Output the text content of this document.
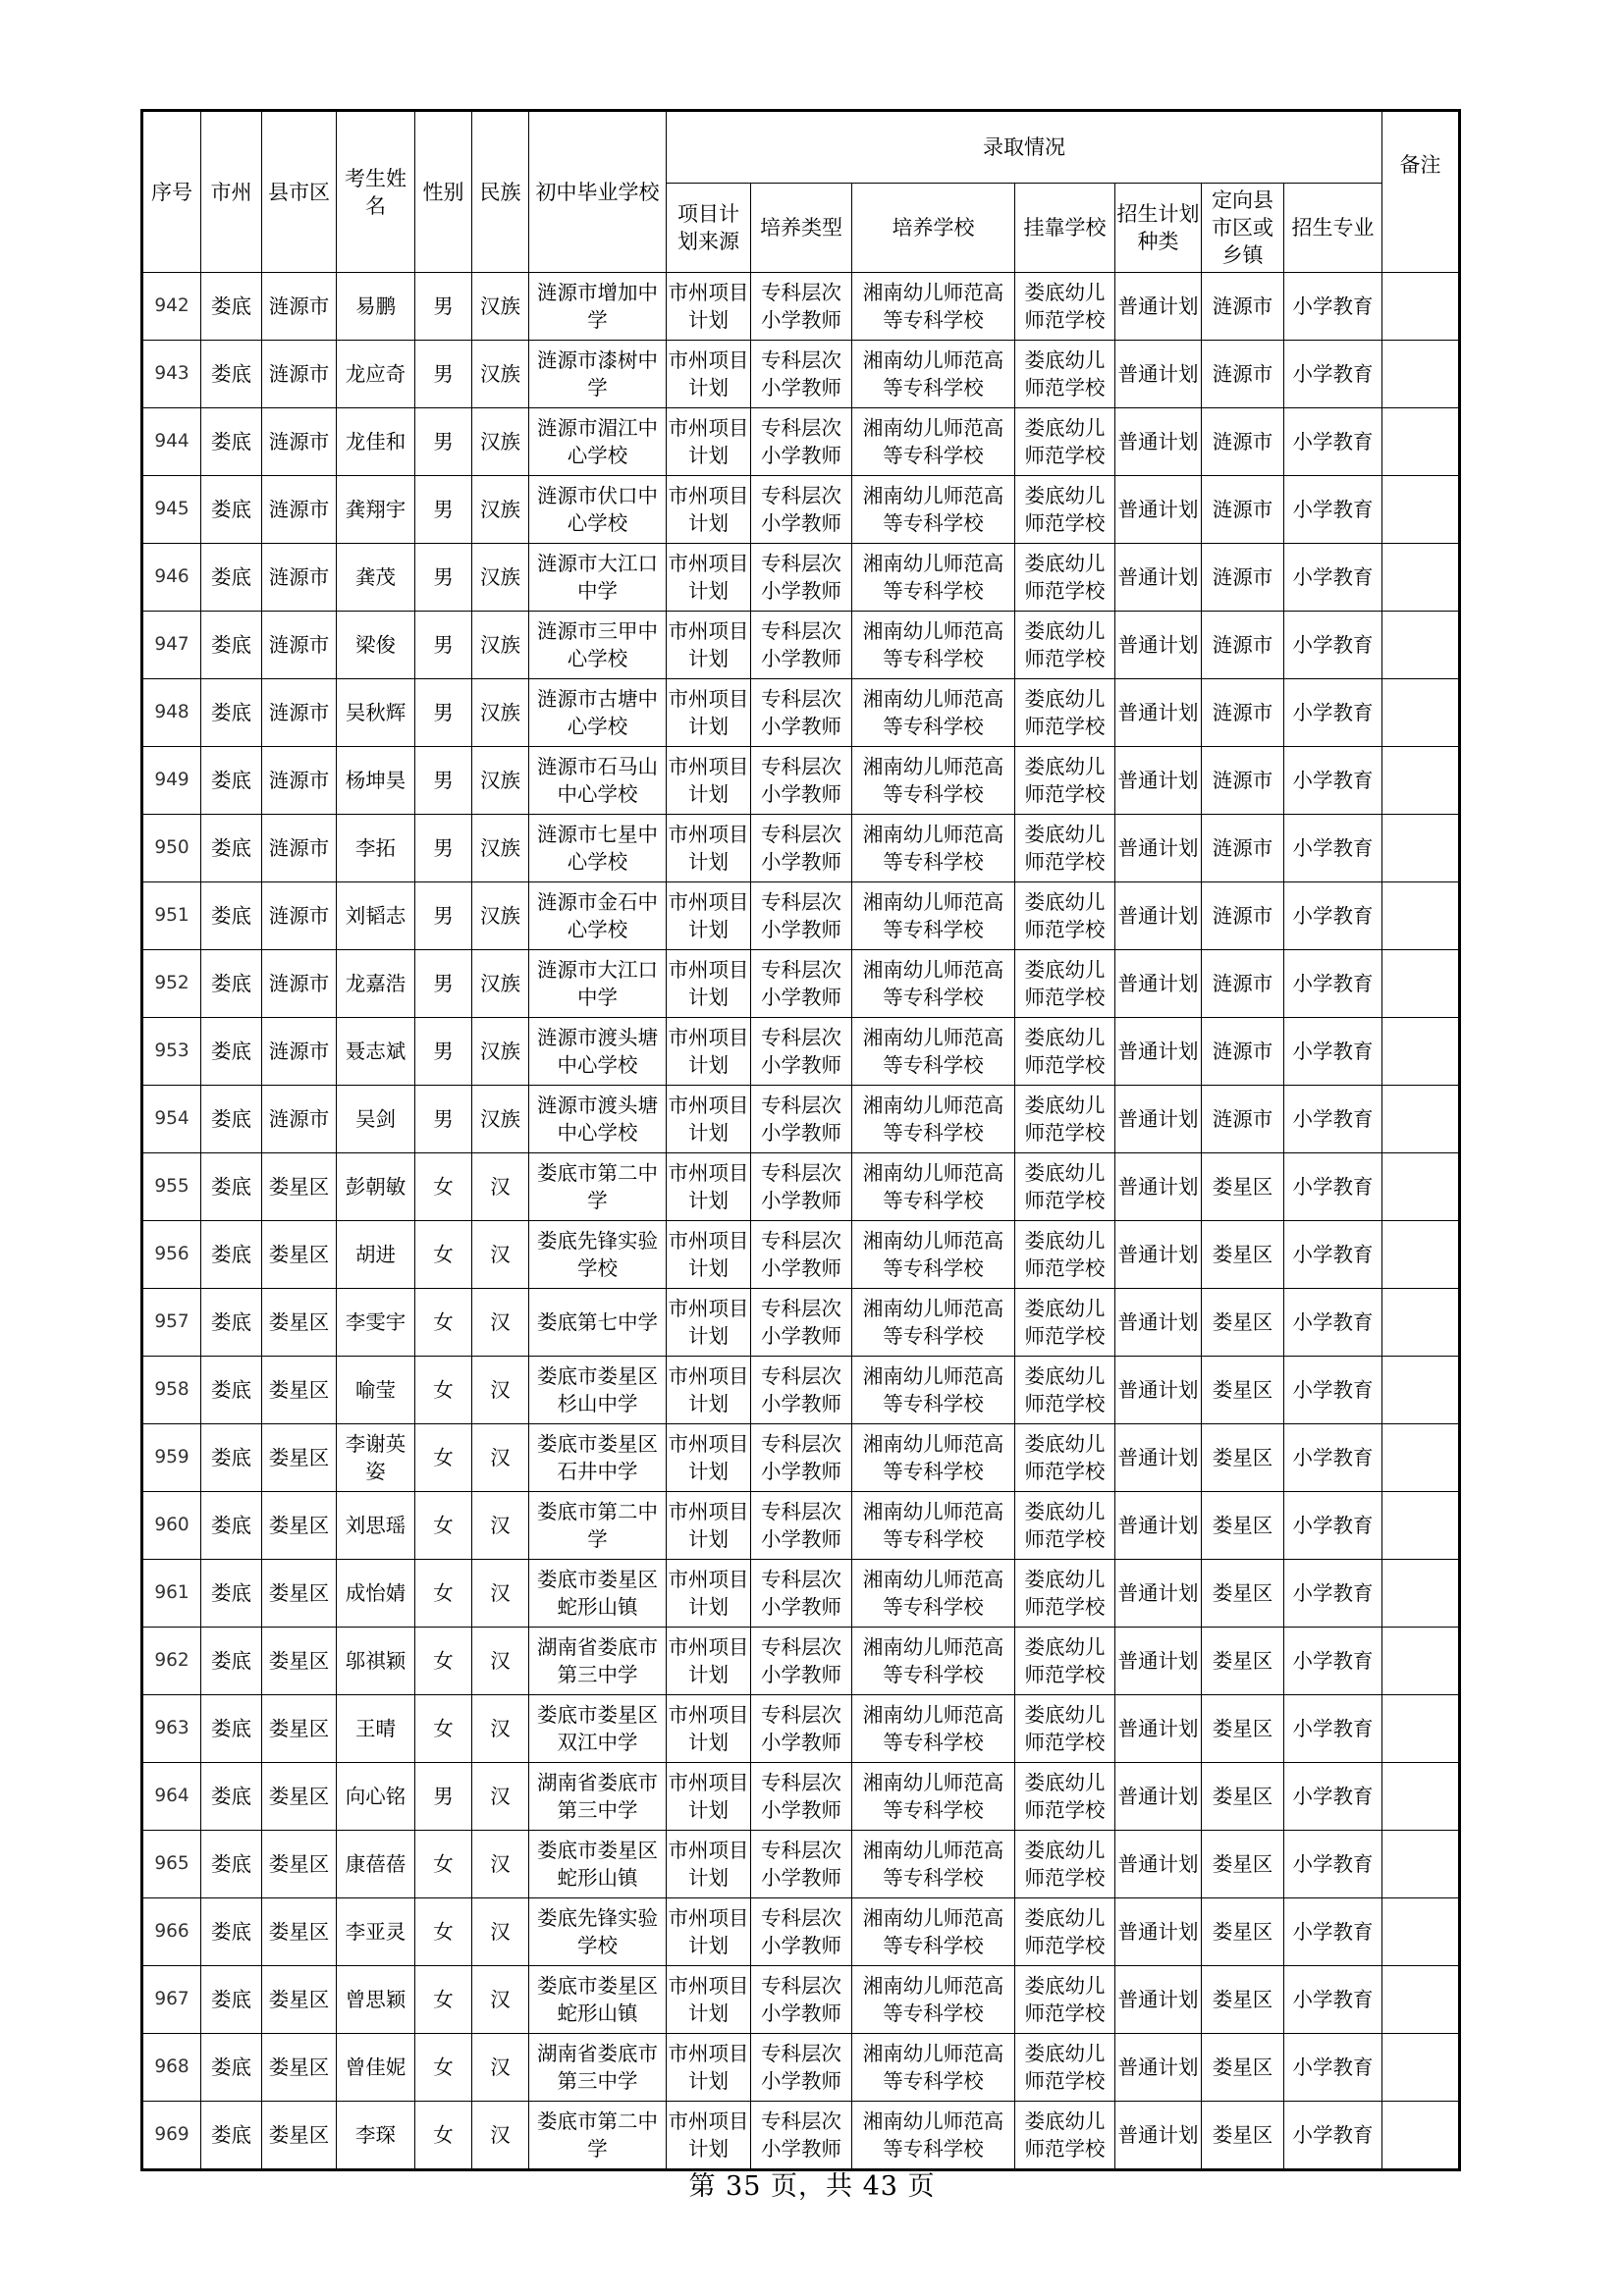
序号	市州	县市区	考生姓名	性别	民族	初中毕业学校	录取情况							备注
							项目计划来源	培养类型	培养学校	挂靠学校	招生计划种类	定向县市区或乡镇	招生专业	
942	娄底	涟源市	易鹏	男	汉族	涟源市增加中学	市州项目计划	专科层次小学教师	湘南幼儿师范高等专科学校	娄底幼儿师范学校	普通计划	涟源市	小学教育	
943	娄底	涟源市	龙应奇	男	汉族	涟源市漆树中学	市州项目计划	专科层次小学教师	湘南幼儿师范高等专科学校	娄底幼儿师范学校	普通计划	涟源市	小学教育	
944	娄底	涟源市	龙佳和	男	汉族	涟源市湄江中心学校	市州项目计划	专科层次小学教师	湘南幼儿师范高等专科学校	娄底幼儿师范学校	普通计划	涟源市	小学教育	
945	娄底	涟源市	龚翔宇	男	汉族	涟源市伏口中心学校	市州项目计划	专科层次小学教师	湘南幼儿师范高等专科学校	娄底幼儿师范学校	普通计划	涟源市	小学教育	
946	娄底	涟源市	龚茂	男	汉族	涟源市大江口中学	市州项目计划	专科层次小学教师	湘南幼儿师范高等专科学校	娄底幼儿师范学校	普通计划	涟源市	小学教育	
947	娄底	涟源市	梁俊	男	汉族	涟源市三甲中心学校	市州项目计划	专科层次小学教师	湘南幼儿师范高等专科学校	娄底幼儿师范学校	普通计划	涟源市	小学教育	
948	娄底	涟源市	吴秋辉	男	汉族	涟源市古塘中心学校	市州项目计划	专科层次小学教师	湘南幼儿师范高等专科学校	娄底幼儿师范学校	普通计划	涟源市	小学教育	
949	娄底	涟源市	杨坤昊	男	汉族	涟源市石马山中心学校	市州项目计划	专科层次小学教师	湘南幼儿师范高等专科学校	娄底幼儿师范学校	普通计划	涟源市	小学教育	
950	娄底	涟源市	李拓	男	汉族	涟源市七星中心学校	市州项目计划	专科层次小学教师	湘南幼儿师范高等专科学校	娄底幼儿师范学校	普通计划	涟源市	小学教育	
951	娄底	涟源市	刘韬志	男	汉族	涟源市金石中心学校	市州项目计划	专科层次小学教师	湘南幼儿师范高等专科学校	娄底幼儿师范学校	普通计划	涟源市	小学教育	
952	娄底	涟源市	龙嘉浩	男	汉族	涟源市大江口中学	市州项目计划	专科层次小学教师	湘南幼儿师范高等专科学校	娄底幼儿师范学校	普通计划	涟源市	小学教育	
953	娄底	涟源市	聂志斌	男	汉族	涟源市渡头塘中心学校	市州项目计划	专科层次小学教师	湘南幼儿师范高等专科学校	娄底幼儿师范学校	普通计划	涟源市	小学教育	
954	娄底	涟源市	吴剑	男	汉族	涟源市渡头塘中心学校	市州项目计划	专科层次小学教师	湘南幼儿师范高等专科学校	娄底幼儿师范学校	普通计划	涟源市	小学教育	
955	娄底	娄星区	彭朝敏	女	汉	娄底市第二中学	市州项目计划	专科层次小学教师	湘南幼儿师范高等专科学校	娄底幼儿师范学校	普通计划	娄星区	小学教育	
956	娄底	娄星区	胡进	女	汉	娄底先锋实验学校	市州项目计划	专科层次小学教师	湘南幼儿师范高等专科学校	娄底幼儿师范学校	普通计划	娄星区	小学教育	
957	娄底	娄星区	李雯宇	女	汉	娄底第七中学	市州项目计划	专科层次小学教师	湘南幼儿师范高等专科学校	娄底幼儿师范学校	普通计划	娄星区	小学教育	
958	娄底	娄星区	喻莹	女	汉	娄底市娄星区杉山中学	市州项目计划	专科层次小学教师	湘南幼儿师范高等专科学校	娄底幼儿师范学校	普通计划	娄星区	小学教育	
959	娄底	娄星区	李谢英姿	女	汉	娄底市娄星区石井中学	市州项目计划	专科层次小学教师	湘南幼儿师范高等专科学校	娄底幼儿师范学校	普通计划	娄星区	小学教育	
960	娄底	娄星区	刘思瑶	女	汉	娄底市第二中学	市州项目计划	专科层次小学教师	湘南幼儿师范高等专科学校	娄底幼儿师范学校	普通计划	娄星区	小学教育	
961	娄底	娄星区	成怡婧	女	汉	娄底市娄星区蛇形山镇	市州项目计划	专科层次小学教师	湘南幼儿师范高等专科学校	娄底幼儿师范学校	普通计划	娄星区	小学教育	
962	娄底	娄星区	邬祺颖	女	汉	湖南省娄底市第三中学	市州项目计划	专科层次小学教师	湘南幼儿师范高等专科学校	娄底幼儿师范学校	普通计划	娄星区	小学教育	
963	娄底	娄星区	王晴	女	汉	娄底市娄星区双江中学	市州项目计划	专科层次小学教师	湘南幼儿师范高等专科学校	娄底幼儿师范学校	普通计划	娄星区	小学教育	
964	娄底	娄星区	向心铭	男	汉	湖南省娄底市第三中学	市州项目计划	专科层次小学教师	湘南幼儿师范高等专科学校	娄底幼儿师范学校	普通计划	娄星区	小学教育	
965	娄底	娄星区	康蓓蓓	女	汉	娄底市娄星区蛇形山镇	市州项目计划	专科层次小学教师	湘南幼儿师范高等专科学校	娄底幼儿师范学校	普通计划	娄星区	小学教育	
966	娄底	娄星区	李亚灵	女	汉	娄底先锋实验学校	市州项目计划	专科层次小学教师	湘南幼儿师范高等专科学校	娄底幼儿师范学校	普通计划	娄星区	小学教育	
967	娄底	娄星区	曾思颖	女	汉	娄底市娄星区蛇形山镇	市州项目计划	专科层次小学教师	湘南幼儿师范高等专科学校	娄底幼儿师范学校	普通计划	娄星区	小学教育	
968	娄底	娄星区	曾佳妮	女	汉	湖南省娄底市第三中学	市州项目计划	专科层次小学教师	湘南幼儿师范高等专科学校	娄底幼儿师范学校	普通计划	娄星区	小学教育	
969	娄底	娄星区	李琛	女	汉	娄底市第二中学	市州项目计划	专科层次小学教师	湘南幼儿师范高等专科学校	娄底幼儿师范学校	普通计划	娄星区	小学教育	
第 35 页，共 43 页
